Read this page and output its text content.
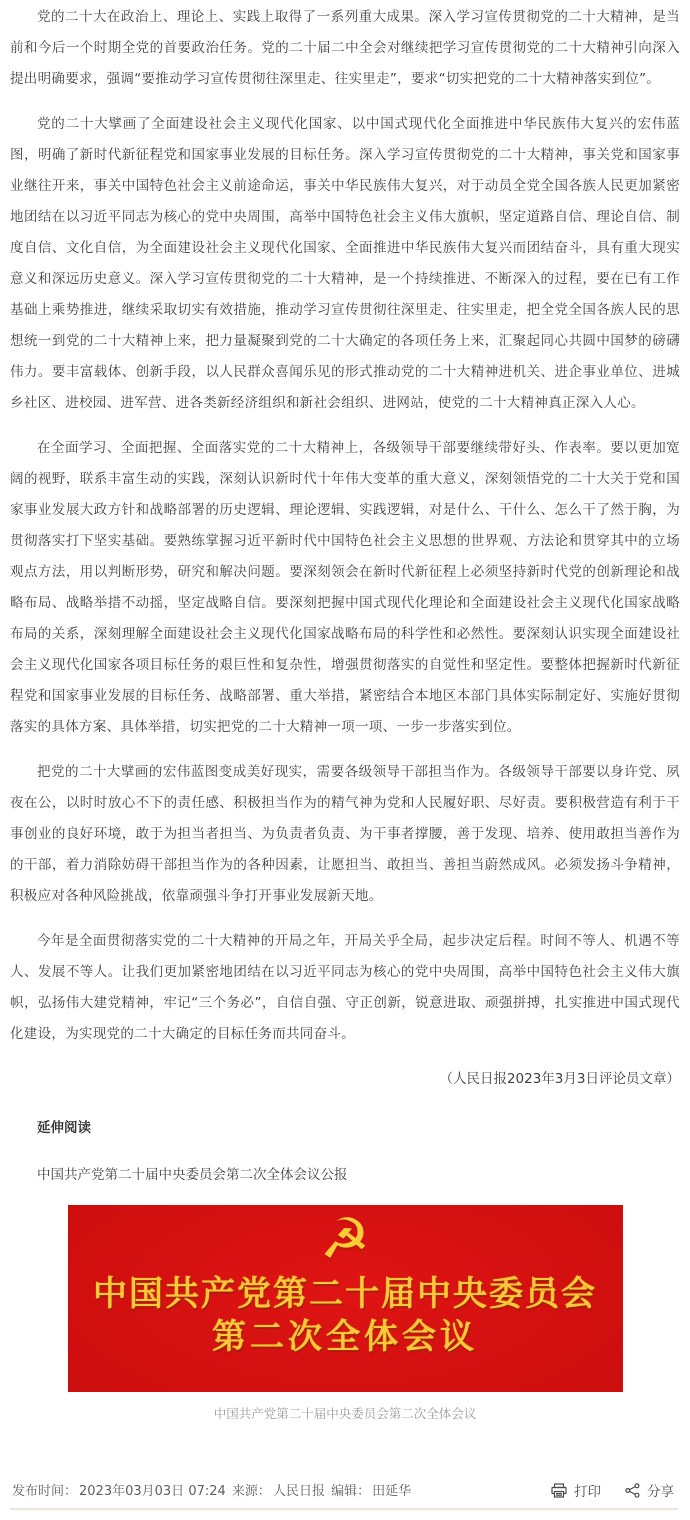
党的二十大在政治上、理论上、实践上取得了一系列重大成果。深入学习宣传贯彻党的二十大精神，是当前和今后一个时期全党的首要政治任务。党的二十届二中全会对继续把学习宣传贯彻党的二十大精神引向深入提出明确要求，强调“要推动学习宣传贯彻往深里走、往实里走”，要求“切实把党的二十大精神落实到位”。

党的二十大擘画了全面建设社会主义现代化国家、以中国式现代化全面推进中华民族伟大复兴的宏伟蓝图，明确了新时代新征程党和国家事业发展的目标任务。深入学习宣传贯彻党的二十大精神，事关党和国家事业继往开来，事关中国特色社会主义前途命运，事关中华民族伟大复兴，对于动员全党全国各族人民更加紧密地团结在以习近平同志为核心的党中央周围，高举中国特色社会主义伟大旗帜，坚定道路自信、理论自信、制度自信、文化自信，为全面建设社会主义现代化国家、全面推进中华民族伟大复兴而团结奋斗，具有重大现实意义和深远历史意义。深入学习宣传贯彻党的二十大精神，是一个持续推进、不断深入的过程，要在已有工作基础上乘势推进，继续采取切实有效措施，推动学习宣传贯彻往深里走、往实里走，把全党全国各族人民的思想统一到党的二十大精神上来，把力量凝聚到党的二十大确定的各项任务上来，汇聚起同心共圆中国梦的磅礴伟力。要丰富载体、创新手段，以人民群众喜闻乐见的形式推动党的二十大精神进机关、进企事业单位、进城乡社区、进校园、进军营、进各类新经济组织和新社会组织、进网站，使党的二十大精神真正深入人心。

在全面学习、全面把握、全面落实党的二十大精神上，各级领导干部要继续带好头、作表率。要以更加宽阔的视野，联系丰富生动的实践，深刻认识新时代十年伟大变革的重大意义，深刻领悟党的二十大关于党和国家事业发展大政方针和战略部署的历史逻辑、理论逻辑、实践逻辑，对是什么、干什么、怎么干了然于胸，为贯彻落实打下坚实基础。要熟练掌握习近平新时代中国特色社会主义思想的世界观、方法论和贯穿其中的立场观点方法，用以判断形势，研究和解决问题。要深刻领会在新时代新征程上必须坚持新时代党的创新理论和战略布局、战略举措不动摇，坚定战略自信。要深刻把握中国式现代化理论和全面建设社会主义现代化国家战略布局的关系，深刻理解全面建设社会主义现代化国家战略布局的科学性和必然性。要深刻认识实现全面建设社会主义现代化国家各项目标任务的艰巨性和复杂性，增强贯彻落实的自觉性和坚定性。要整体把握新时代新征程党和国家事业发展的目标任务、战略部署、重大举措，紧密结合本地区本部门具体实际制定好、实施好贯彻落实的具体方案、具体举措，切实把党的二十大精神一项一项、一步一步落实到位。

把党的二十大擘画的宏伟蓝图变成美好现实，需要各级领导干部担当作为。各级领导干部要以身许党、夙夜在公，以时时放心不下的责任感、积极担当作为的精气神为党和人民履好职、尽好责。要积极营造有利于干事创业的良好环境，敢于为担当者担当、为负责者负责、为干事者撑腰，善于发现、培养、使用敢担当善作为的干部，着力消除妨碍干部担当作为的各种因素，让愿担当、敢担当、善担当蔚然成风。必须发扬斗争精神，积极应对各种风险挑战，依靠顽强斗争打开事业发展新天地。

今年是全面贯彻落实党的二十大精神的开局之年，开局关乎全局，起步决定后程。时间不等人、机遇不等人、发展不等人。让我们更加紧密地团结在以习近平同志为核心的党中央周围，高举中国特色社会主义伟大旗帜，弘扬伟大建党精神，牢记“三个务必”，自信自强、守正创新，锐意进取、顽强拼搏，扎实推进中国式现代化建设，为实现党的二十大确定的目标任务而共同奋斗。

（人民日报2023年3月3日评论员文章）

延伸阅读
中国共产党第二十届中央委员会第二次全体会议公报
☭
中国共产党第二十届中央委员会
第二次全体会议
中国共产党第二十届中央委员会第二次全体会议
发布时间： 2023年03月03日 07:24 来源： 人民日报 编辑： 田延华	打印	分享
